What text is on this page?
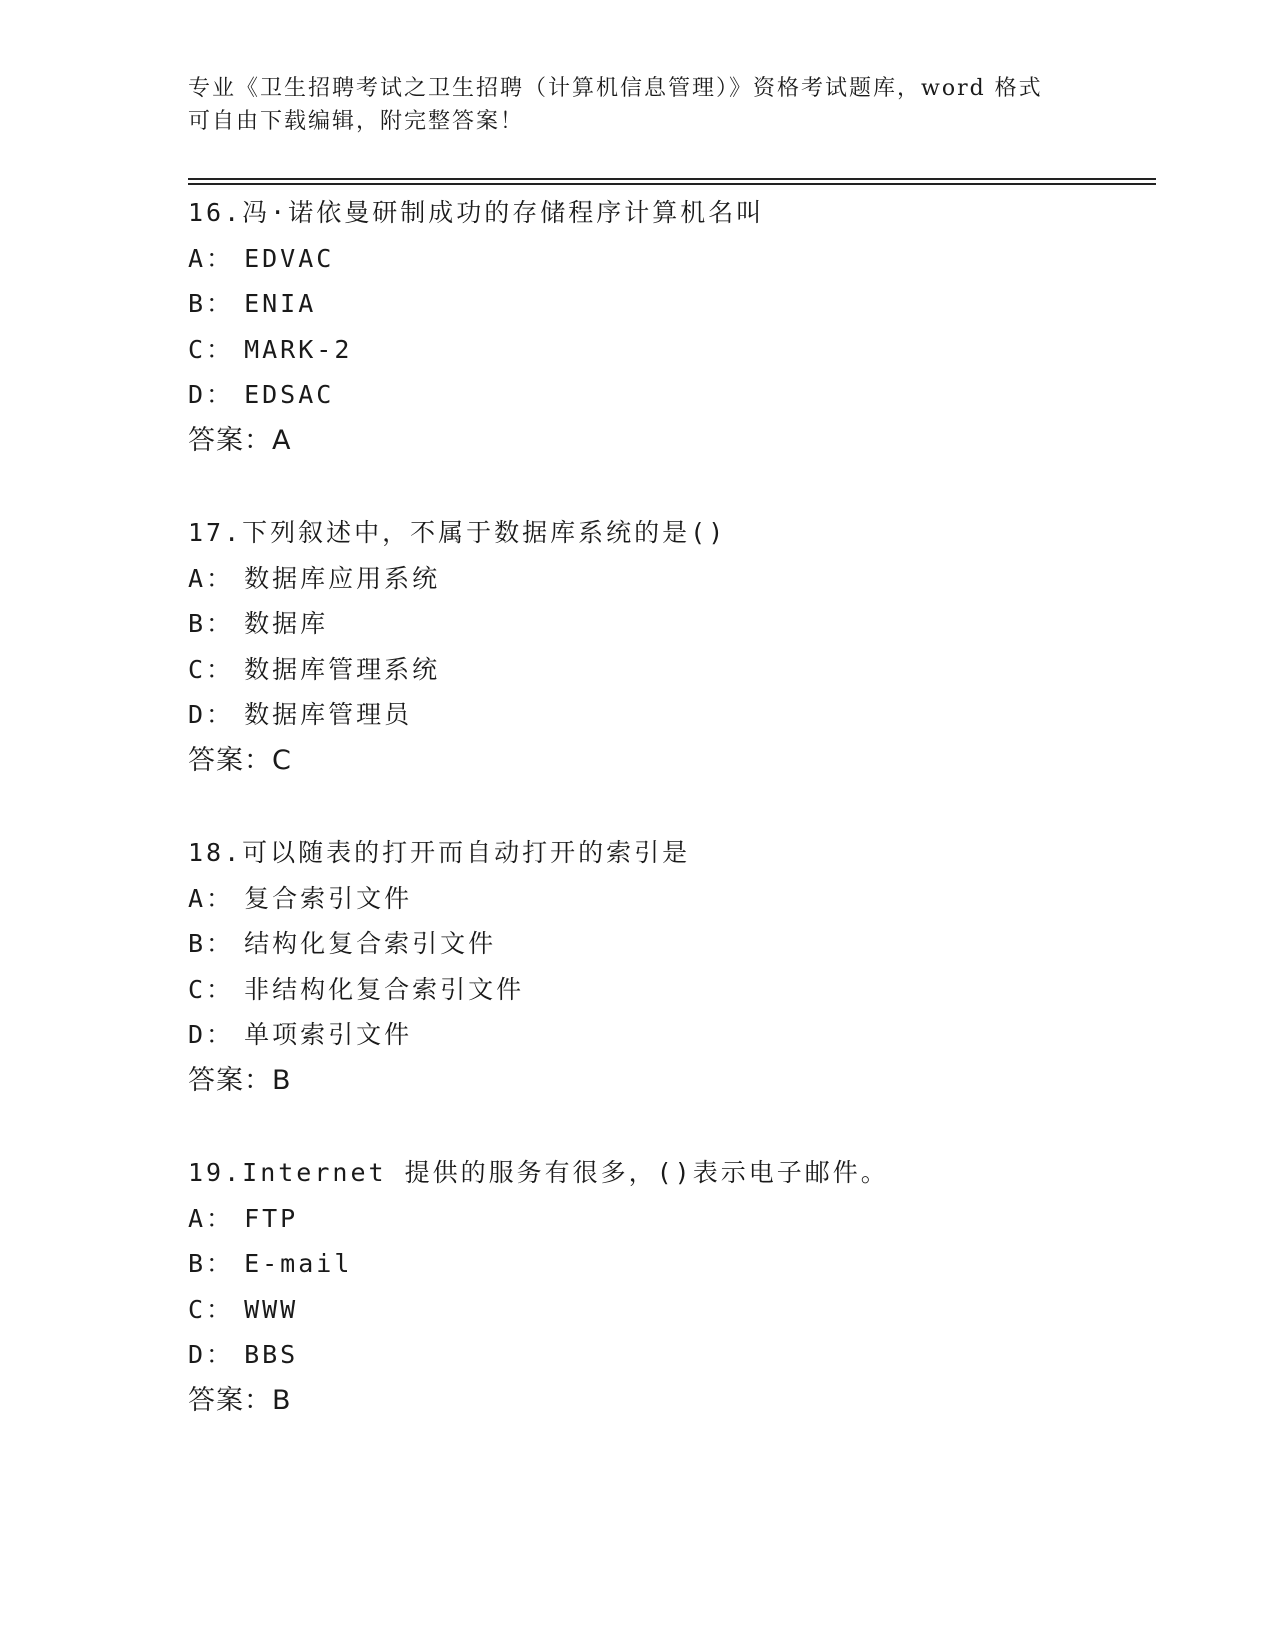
专业《卫生招聘考试之卫生招聘（计算机信息管理）》资格考试题库，word 格式
可自由下载编辑，附完整答案！
16.冯·诺依曼研制成功的存储程序计算机名叫
A： EDVAC
B： ENIA
C： MARK-2
D： EDSAC
答案：A
17.下列叙述中，不属于数据库系统的是()
A： 数据库应用系统
B： 数据库
C： 数据库管理系统
D： 数据库管理员
答案：C
18.可以随表的打开而自动打开的索引是
A： 复合索引文件
B： 结构化复合索引文件
C： 非结构化复合索引文件
D： 单项索引文件
答案：B
19.Internet 提供的服务有很多，()表示电子邮件。
A： FTP
B： E-mail
C： WWW
D： BBS
答案：B
